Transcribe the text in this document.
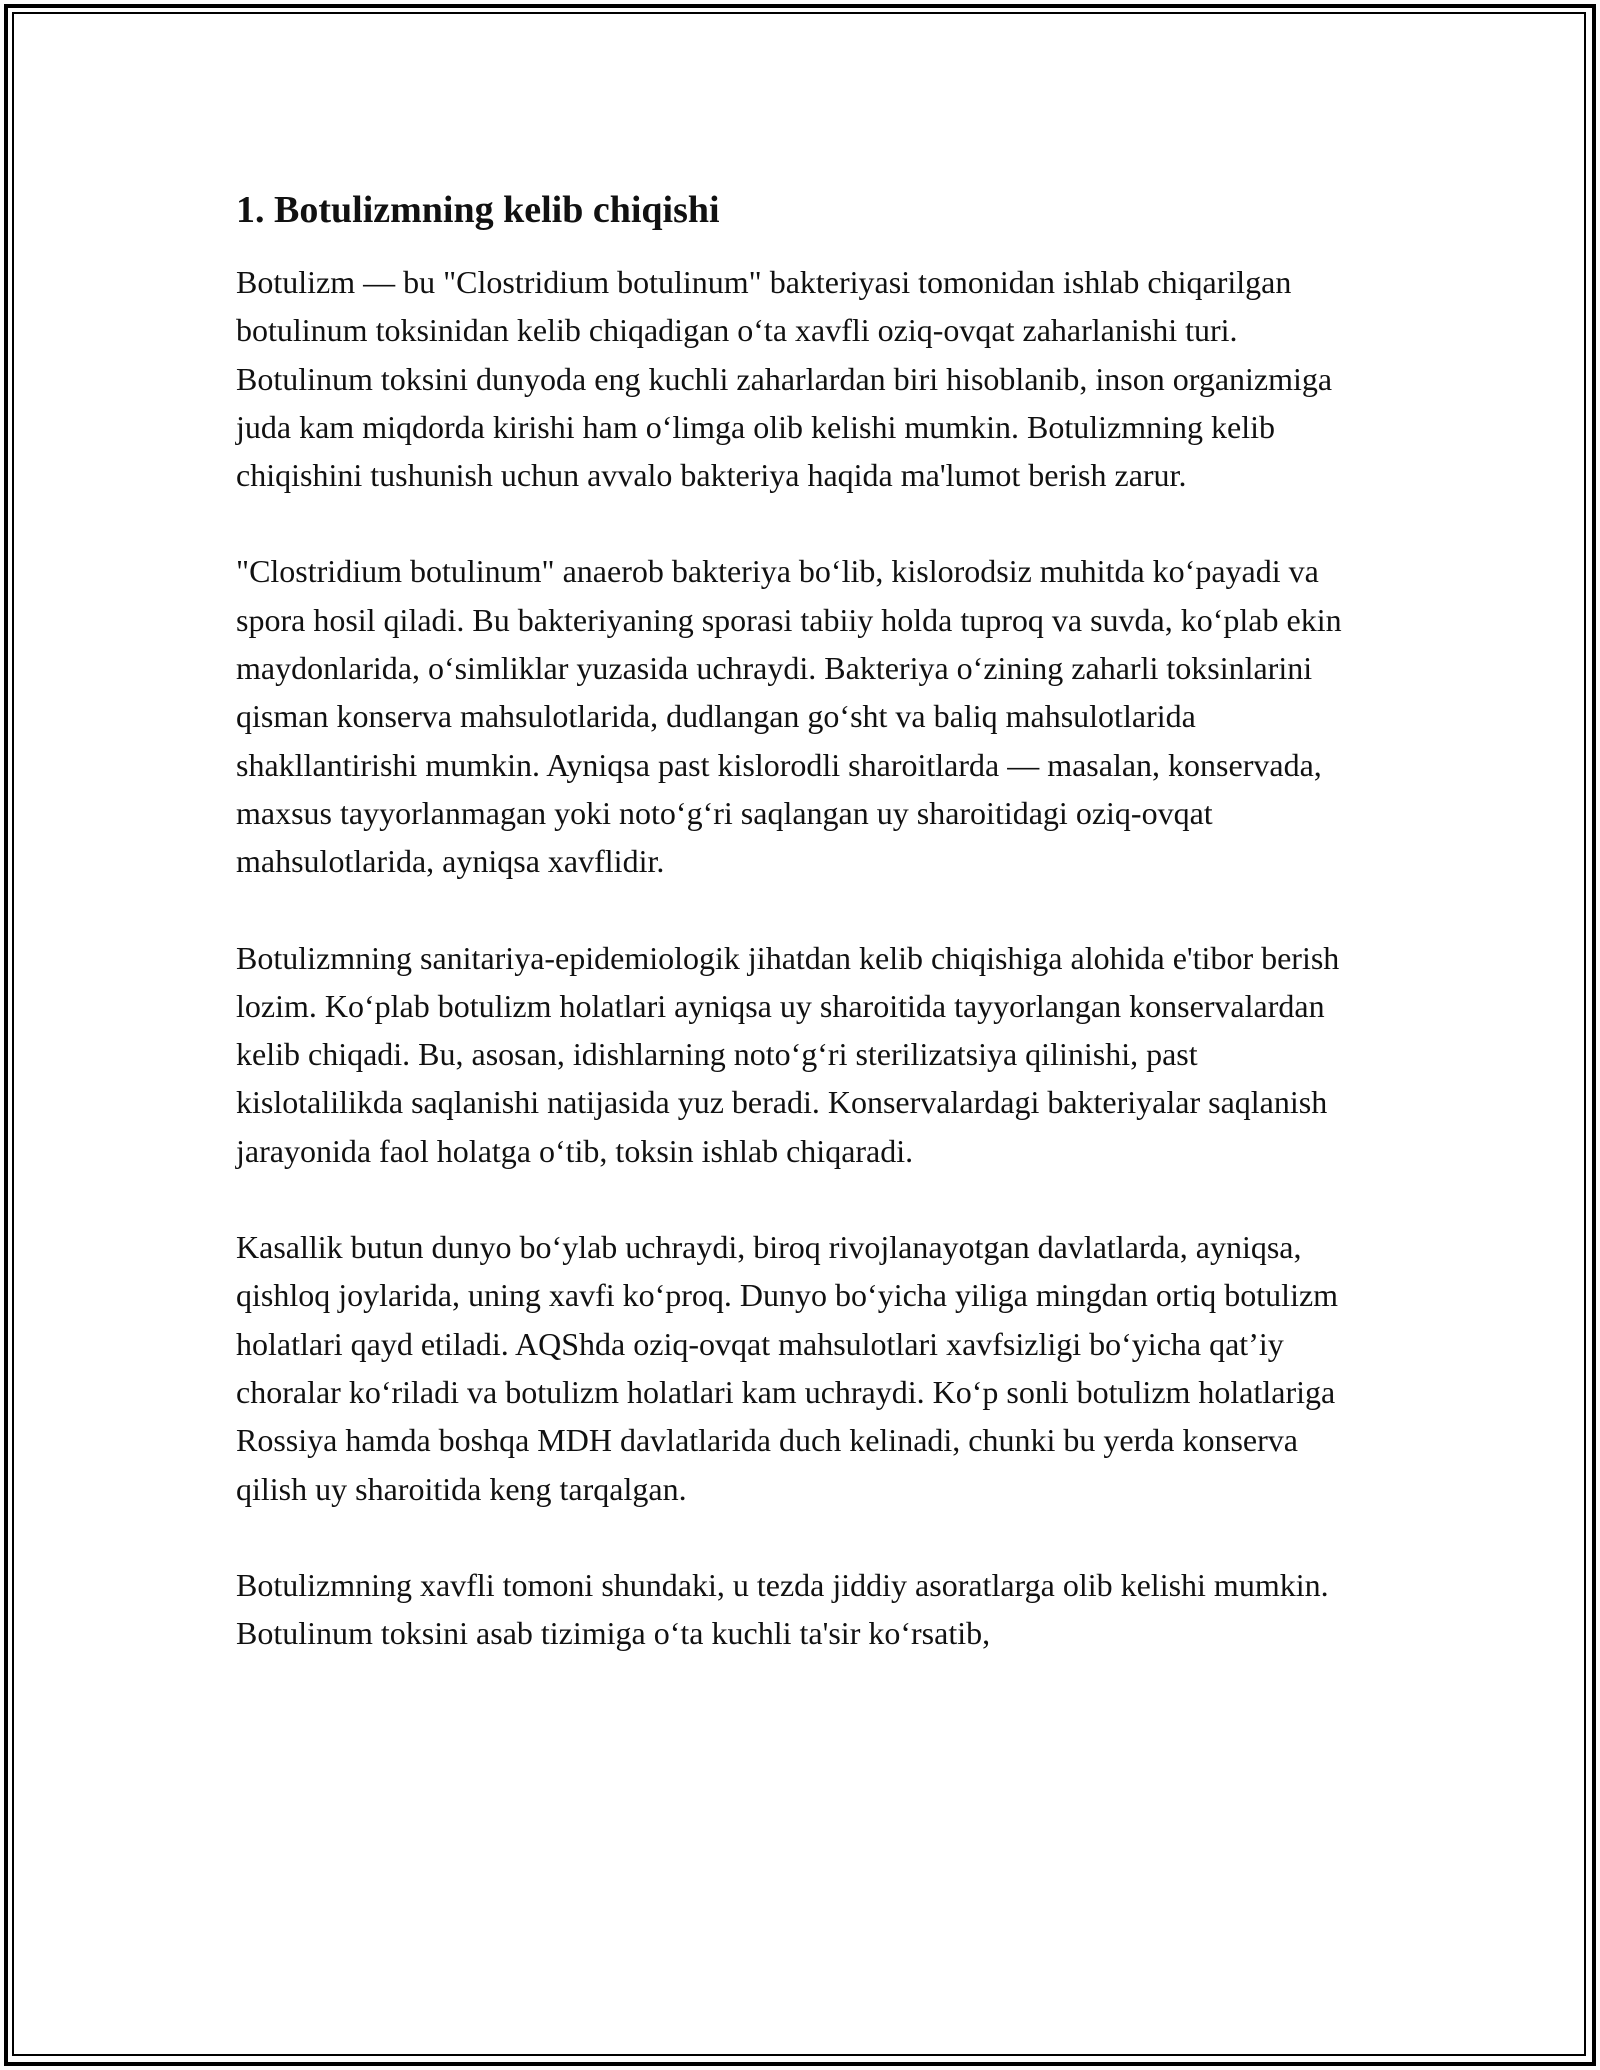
1. Botulizmning kelib chiqishi

Botulizm — bu "Clostridium botulinum" bakteriyasi tomonidan ishlab chiqarilgan botulinum toksinidan kelib chiqadigan o‘ta xavfli oziq-ovqat zaharlanishi turi. Botulinum toksini dunyoda eng kuchli zaharlardan biri hisoblanib, inson organizmiga juda kam miqdorda kirishi ham o‘limga olib kelishi mumkin. Botulizmning kelib chiqishini tushunish uchun avvalo bakteriya haqida ma'lumot berish zarur.

"Clostridium botulinum" anaerob bakteriya bo‘lib, kislorodsiz muhitda ko‘payadi va spora hosil qiladi. Bu bakteriyaning sporasi tabiiy holda tuproq va suvda, ko‘plab ekin maydonlarida, o‘simliklar yuzasida uchraydi. Bakteriya o‘zining zaharli toksinlarini qisman konserva mahsulotlarida, dudlangan go‘sht va baliq mahsulotlarida shakllantirishi mumkin. Ayniqsa past kislorodli sharoitlarda — masalan, konservada, maxsus tayyorlanmagan yoki noto‘g‘ri saqlangan uy sharoitidagi oziq-ovqat mahsulotlarida, ayniqsa xavflidir.

Botulizmning sanitariya-epidemiologik jihatdan kelib chiqishiga alohida e'tibor berish lozim. Ko‘plab botulizm holatlari ayniqsa uy sharoitida tayyorlangan konservalardan kelib chiqadi. Bu, asosan, idishlarning noto‘g‘ri sterilizatsiya qilinishi, past kislotalilikda saqlanishi natijasida yuz beradi. Konservalardagi bakteriyalar saqlanish jarayonida faol holatga o‘tib, toksin ishlab chiqaradi.

Kasallik butun dunyo bo‘ylab uchraydi, biroq rivojlanayotgan davlatlarda, ayniqsa, qishloq joylarida, uning xavfi ko‘proq. Dunyo bo‘yicha yiliga mingdan ortiq botulizm holatlari qayd etiladi. AQShda oziq-ovqat mahsulotlari xavfsizligi bo‘yicha qat’iy choralar ko‘riladi va botulizm holatlari kam uchraydi. Ko‘p sonli botulizm holatlariga Rossiya hamda boshqa MDH davlatlarida duch kelinadi, chunki bu yerda konserva qilish uy sharoitida keng tarqalgan.

Botulizmning xavfli tomoni shundaki, u tezda jiddiy asoratlarga olib kelishi mumkin. Botulinum toksini asab tizimiga o‘ta kuchli ta'sir ko‘rsatib,
